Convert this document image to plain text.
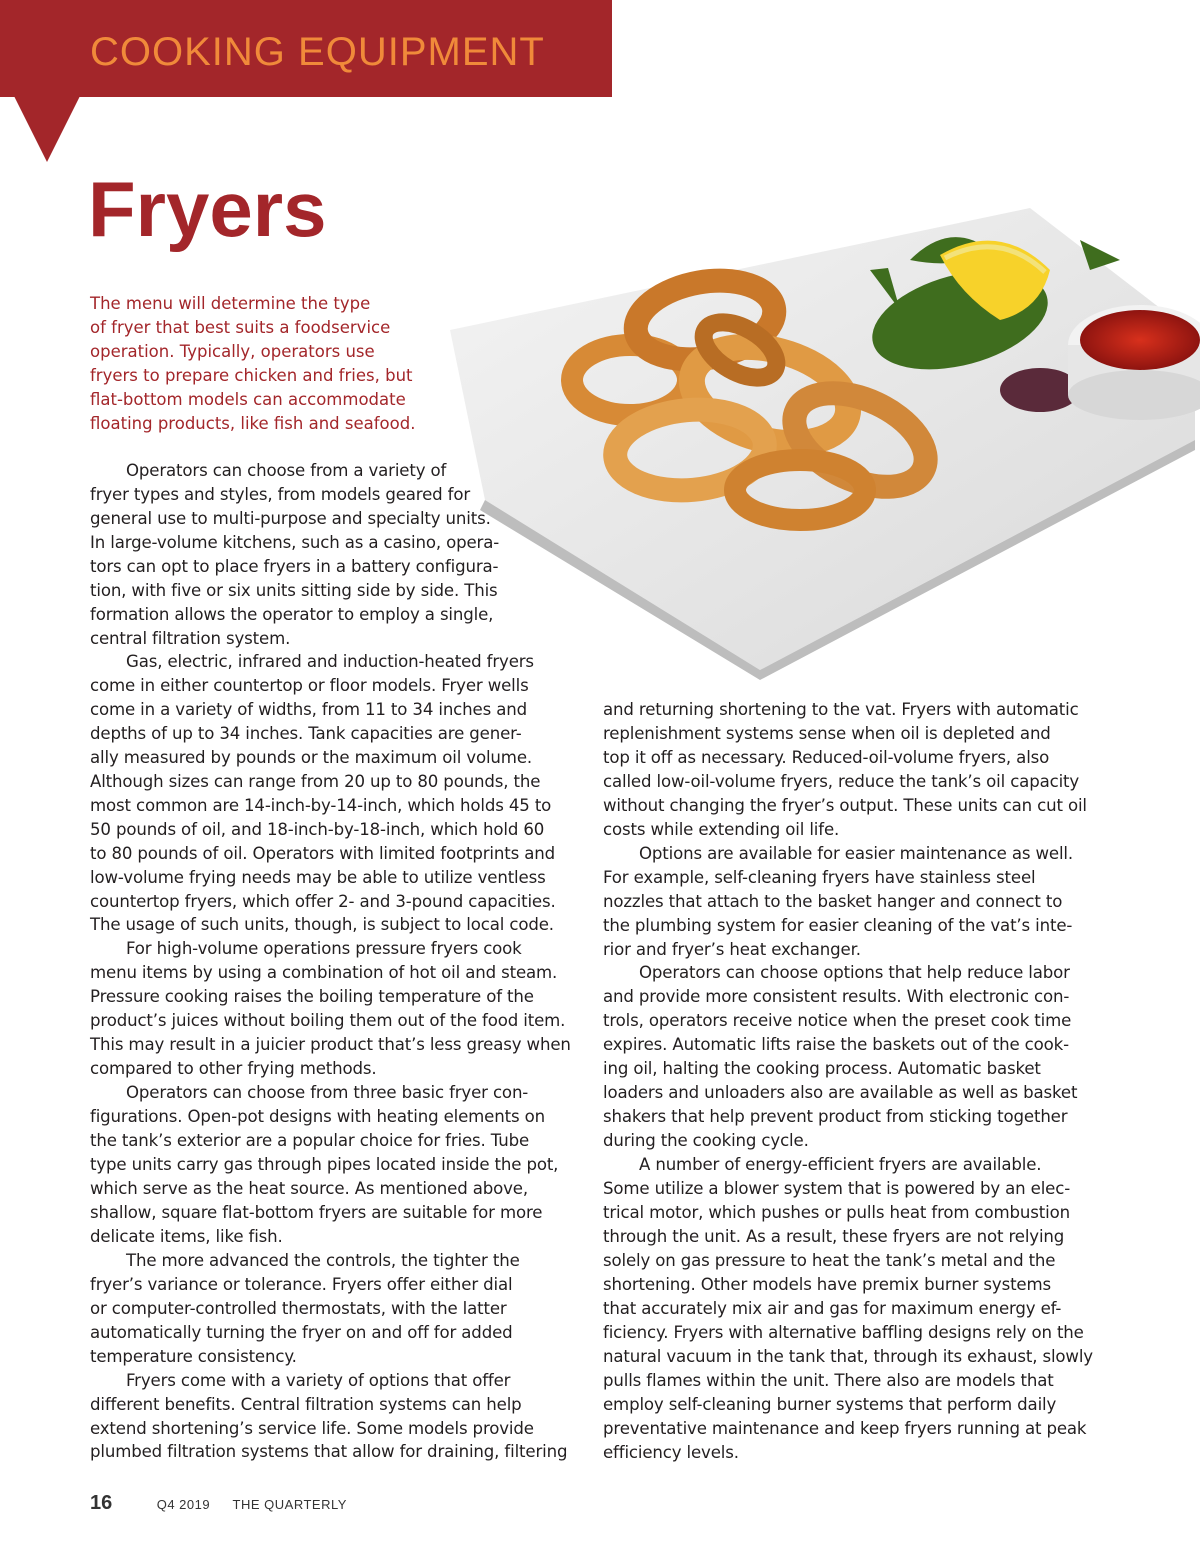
COOKING EQUIPMENT
Fryers
The menu will determine the type
of fryer that best suits a foodservice
operation. Typically, operators use
fryers to prepare chicken and fries, but
flat-bottom models can accommodate
floating products, like fish and seafood.
Operators can choose from a variety of
fryer types and styles, from models geared for
general use to multi-purpose and specialty units.
In large-volume kitchens, such as a casino, opera-
tors can opt to place fryers in a battery configura-
tion, with five or six units sitting side by side. This
formation allows the operator to employ a single,
central filtration system.
Gas, electric, infrared and induction-heated fryers
come in either countertop or floor models. Fryer wells
come in a variety of widths, from 11 to 34 inches and
depths of up to 34 inches. Tank capacities are gener-
ally measured by pounds or the maximum oil volume.
Although sizes can range from 20 up to 80 pounds, the
most common are 14-inch-by-14-inch, which holds 45 to
50 pounds of oil, and 18-inch-by-18-inch, which hold 60
to 80 pounds of oil. Operators with limited footprints and
low-volume frying needs may be able to utilize ventless
countertop fryers, which offer 2- and 3-pound capacities.
The usage of such units, though, is subject to local code.
For high-volume operations pressure fryers cook
menu items by using a combination of hot oil and steam.
Pressure cooking raises the boiling temperature of the
product’s juices without boiling them out of the food item.
This may result in a juicier product that’s less greasy when
compared to other frying methods.
Operators can choose from three basic fryer con-
figurations. Open-pot designs with heating elements on
the tank’s exterior are a popular choice for fries. Tube
type units carry gas through pipes located inside the pot,
which serve as the heat source. As mentioned above,
shallow, square flat-bottom fryers are suitable for more
delicate items, like fish.
The more advanced the controls, the tighter the
fryer’s variance or tolerance. Fryers offer either dial
or computer-controlled thermostats, with the latter
automatically turning the fryer on and off for added
temperature consistency.
Fryers come with a variety of options that offer
different benefits. Central filtration systems can help
extend shortening’s service life. Some models provide
plumbed filtration systems that allow for draining, filtering
and returning shortening to the vat. Fryers with automatic
replenishment systems sense when oil is depleted and
top it off as necessary. Reduced-oil-volume fryers, also
called low-oil-volume fryers, reduce the tank’s oil capacity
without changing the fryer’s output. These units can cut oil
costs while extending oil life.
Options are available for easier maintenance as well.
For example, self-cleaning fryers have stainless steel
nozzles that attach to the basket hanger and connect to
the plumbing system for easier cleaning of the vat’s inte-
rior and fryer’s heat exchanger.
Operators can choose options that help reduce labor
and provide more consistent results. With electronic con-
trols, operators receive notice when the preset cook time
expires. Automatic lifts raise the baskets out of the cook-
ing oil, halting the cooking process. Automatic basket
loaders and unloaders also are available as well as basket
shakers that help prevent product from sticking together
during the cooking cycle.
A number of energy-efficient fryers are available.
Some utilize a blower system that is powered by an elec-
trical motor, which pushes or pulls heat from combustion
through the unit. As a result, these fryers are not relying
solely on gas pressure to heat the tank’s metal and the
shortening. Other models have premix burner systems
that accurately mix air and gas for maximum energy ef-
ficiency. Fryers with alternative baffling designs rely on the
natural vacuum in the tank that, through its exhaust, slowly
pulls flames within the unit. There also are models that
employ self-cleaning burner systems that perform daily
preventative maintenance and keep fryers running at peak
efficiency levels.
16	Q4 2019 THE QUARTERLY
